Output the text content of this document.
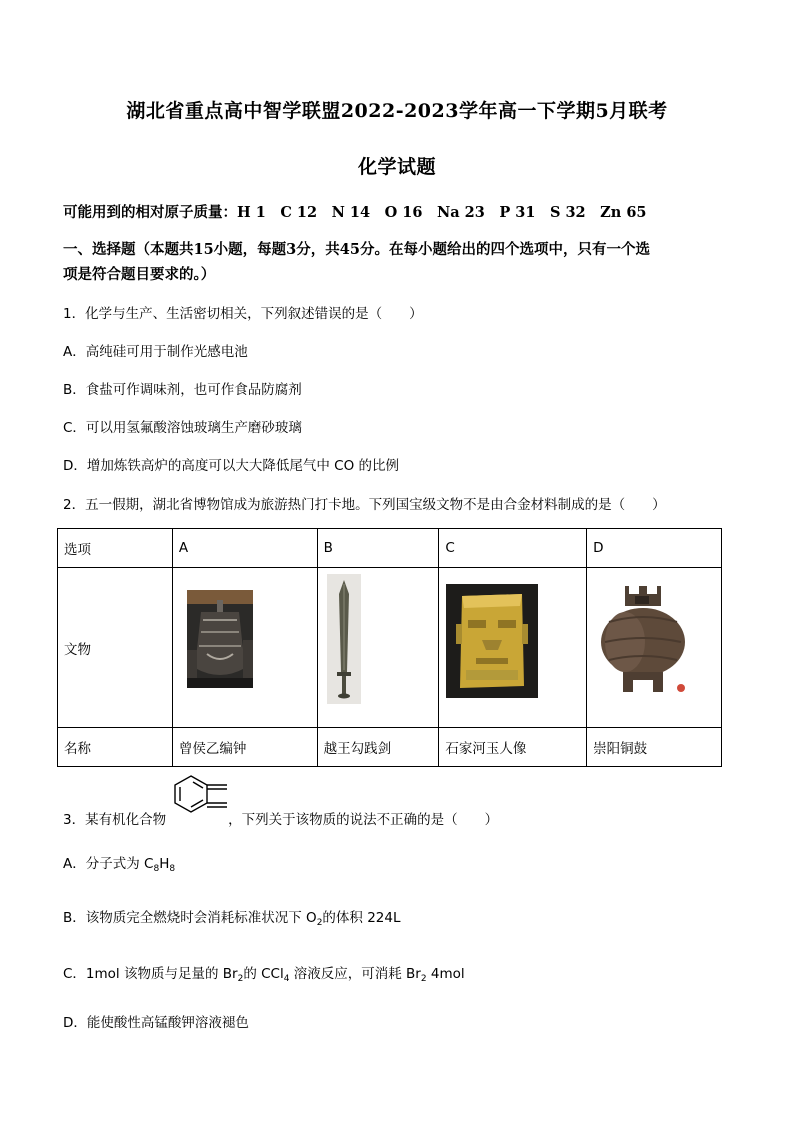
湖北省重点高中智学联盟2022-2023学年高一下学期5月联考
化学试题
可能用到的相对原子质量：H 1　C 12　N 14　O 16　Na 23　P 31　S 32　Zn 65
一、选择题（本题共15小题，每题3分，共45分。在每小题给出的四个选项中，只有一个选
项是符合题目要求的。）
1．化学与生产、生活密切相关，下列叙述错误的是（　　）
A．高纯硅可用于制作光感电池
B．食盐可作调味剂，也可作食品防腐剂
C．可以用氢氟酸溶蚀玻璃生产磨砂玻璃
D．增加炼铁高炉的高度可以大大降低尾气中 CO 的比例
2．五一假期，湖北省博物馆成为旅游热门打卡地。下列国宝级文物不是由合金材料制成的是（　　）
选项	A	B	C	D
文物	

名称	曾侯乙编钟	越王勾践剑	石家河玉人像	崇阳铜鼓
3．某有机化合物	，下列关于该物质的说法不正确的是（　　）
A．分子式为 $C_8H_8$
B．该物质完全燃烧时会消耗标准状况下 $O_2$的体积 224L
C．1mol 该物质与足量的 $Br_2$的 CCl$_4$ 溶液反应，可消耗 $Br_2$ 4mol
D．能使酸性高锰酸钾溶液褪色
